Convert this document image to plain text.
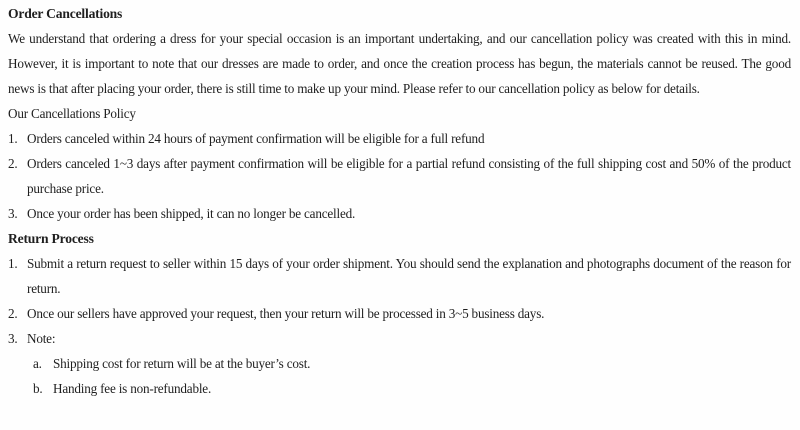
Order Cancellations

We understand that ordering a dress for your special occasion is an important undertaking, and our cancellation policy was created with this in mind. However, it is important to note that our dresses are made to order, and once the creation process has begun, the materials cannot be reused. The good news is that after placing your order, there is still time to make up your mind. Please refer to our cancellation policy as below for details.

Our Cancellations Policy

1. Orders canceled within 24 hours of payment confirmation will be eligible for a full refund
2. Orders canceled 1~3 days after payment confirmation will be eligible for a partial refund consisting of the full shipping cost and 50% of the product purchase price.
3. Once your order has been shipped, it can no longer be cancelled.
Return Process
1. Submit a return request to seller within 15 days of your order shipment. You should send the explanation and photographs document of the reason for return.
2. Once our sellers have approved your request, then your return will be processed in 3~5 business days.
3. Note:
a. Shipping cost for return will be at the buyer’s cost.
b. Handing fee is non-refundable.
